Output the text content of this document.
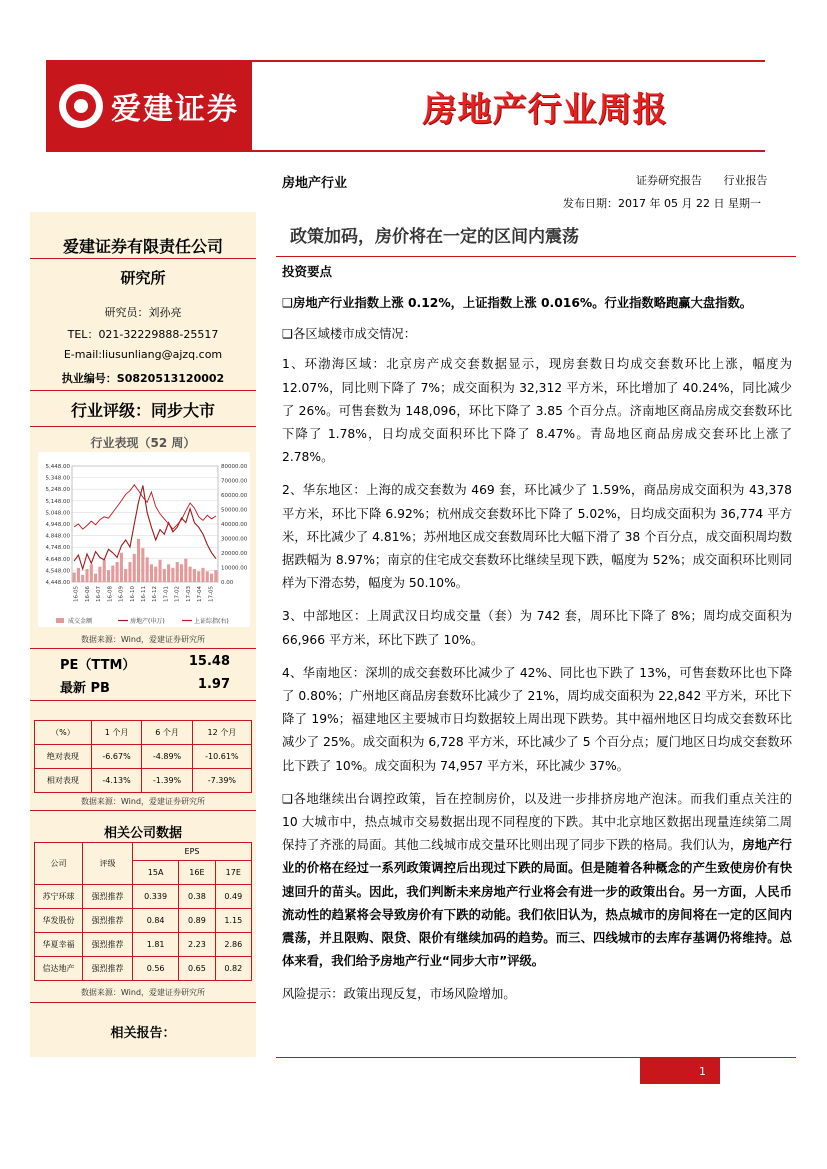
爱建证券	房地产行业周报
房地产行业	证券研究报告 行业报告
发布日期：2017 年 05 月 22 日 星期一
爱建证券有限责任公司
研究所
研究员：刘孙亮
TEL：021-32229888-25517
E-mail:liusunliang@ajzq.com
执业编号：S0820513120002
行业评级：同步大市
行业表现（52 周）
4,448.00
4,548.00
4,648.00
4,748.00
4,848.00
4,948.00
5,048.00
5,148.00
5,248.00
5,348.00
5,448.00
0.00
10000.00
20000.00
30000.00
40000.00
50000.00
60000.00
70000.00
80000.00
16-05 16-06 16-07 16-08 16-09 16-10 16-11 16-12 17-01 17-02 17-03 17-04 17-05
成交金额	房地产(申万)	上证综指(右)
数据来源：Wind，爱建证券研究所
PE（TTM）	15.48
最新 PB	1.97
（%）	1 个月	6 个月	12 个月
绝对表现	-6.67%	-4.89%	-10.61%
相对表现	-4.13%	-1.39%	-7.39%
数据来源：Wind，爱建证券研究所
相关公司数据
公司	评级	EPS		
		15A	16E	17E
苏宁环球	强烈推荐	0.339	0.38	0.49
华发股份	强烈推荐	0.84	0.89	1.15
华夏幸福	强烈推荐	1.81	2.23	2.86
信达地产	强烈推荐	0.56	0.65	0.82
数据来源：Wind，爱建证券研究所
相关报告：
政策加码，房价将在一定的区间内震荡

投资要点

❑房地产行业指数上涨 0.12%，上证指数上涨 0.016%。行业指数略跑赢大盘指数。

❑各区域楼市成交情况：

1、环渤海区域：北京房产成交套数据显示，现房套数日均成交套数环比上涨，幅度为 12.07%，同比则下降了 7%；成交面积为 32,312 平方米，环比增加了 40.24%，同比减少了 26%。可售套数为 148,096，环比下降了 3.85 个百分点。济南地区商品房成交套数环比下降了 1.78%，日均成交面积环比下降了 8.47%。青岛地区商品房成交套环比上涨了 2.78%。

2、华东地区：上海的成交套数为 469 套，环比减少了 1.59%，商品房成交面积为 43,378 平方米，环比下降 6.92%；杭州成交套数环比下降了 5.02%，日均成交面积为 36,774 平方米，环比减少了 4.81%；苏州地区成交套数周环比大幅下滑了 38 个百分点，成交面积周均数据跌幅为 8.97%；南京的住宅成交套数环比继续呈现下跌，幅度为 52%；成交面积环比则同样为下滑态势，幅度为 50.10%。

3、中部地区：上周武汉日均成交量（套）为 742 套，周环比下降了 8%；周均成交面积为 66,966 平方米，环比下跌了 10%。

4、华南地区：深圳的成交套数环比减少了 42%、同比也下跌了 13%，可售套数环比也下降了 0.80%；广州地区商品房套数环比减少了 21%，周均成交面积为 22,842 平方米，环比下降了 19%；福建地区主要城市日均数据较上周出现下跌势。其中福州地区日均成交套数环比减少了 25%。成交面积为 6,728 平方米，环比减少了 5 个百分点；厦门地区日均成交套数环比下跌了 10%。成交面积为 74,957 平方米，环比减少 37%。

❑各地继续出台调控政策，旨在控制房价，以及进一步排挤房地产泡沫。而我们重点关注的 10 大城市中，热点城市交易数据出现不同程度的下跌。其中北京地区数据出现量连续第二周保持了齐涨的局面。其他二线城市成交量环比则出现了同步下跌的格局。我们认为，房地产行业的价格在经过一系列政策调控后出现过下跌的局面。但是随着各种概念的产生致使房价有快速回升的苗头。因此，我们判断未来房地产行业将会有进一步的政策出台。另一方面，人民币流动性的趋紧将会导致房价有下跌的动能。我们依旧认为，热点城市的房间将在一定的区间内震荡，并且限购、限贷、限价有继续加码的趋势。而三、四线城市的去库存基调仍将维持。总体来看，我们给予房地产行业“同步大市”评级。

风险提示：政策出现反复，市场风险增加。

1
